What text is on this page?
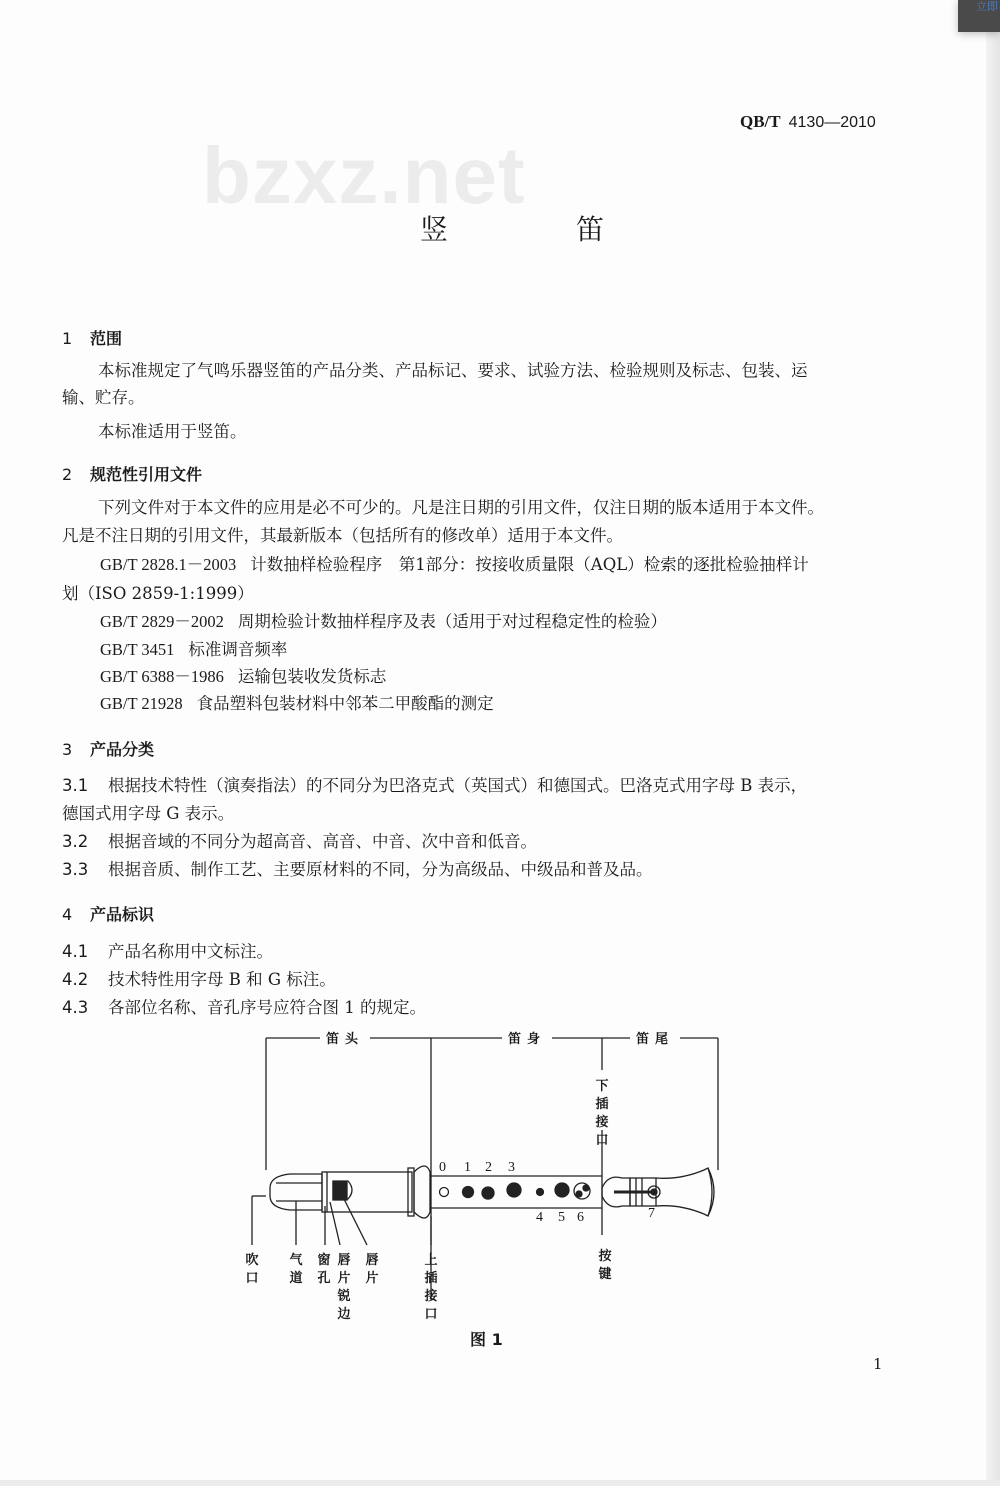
立即
QB/T 4130—2010
bzxz.net
竖　笛
1 范围
本标准规定了气鸣乐器竖笛的产品分类、产品标记、要求、试验方法、检验规则及标志、包装、运
输、贮存。
本标准适用于竖笛。
2 规范性引用文件
下列文件对于本文件的应用是必不可少的。凡是注日期的引用文件，仅注日期的版本适用于本文件。
凡是不注日期的引用文件，其最新版本（包括所有的修改单）适用于本文件。
GB/T 2828.1－2003 计数抽样检验程序　第1部分：按接收质量限（AQL）检索的逐批检验抽样计
划（ISO 2859-1:1999）
GB/T 2829－2002 周期检验计数抽样程序及表（适用于对过程稳定性的检验）
GB/T 3451 标准调音频率
GB/T 6388－1986 运输包装收发货标志
GB/T 21928 食品塑料包装材料中邻苯二甲酸酯的测定
3 产品分类
3.1 根据技术特性（演奏指法）的不同分为巴洛克式（英国式）和德国式。巴洛克式用字母 B 表示，
德国式用字母 G 表示。
3.2 根据音域的不同分为超高音、高音、中音、次中音和低音。
3.3 根据音质、制作工艺、主要原材料的不同，分为高级品、中级品和普及品。
4 产品标识
4.1 产品名称用中文标注。
4.2 技术特性用字母 B 和 G 标注。
4.3 各部位名称、音孔序号应符合图 1 的规定。
笛头	笛身	笛尾
下插接口
0 1 2 3
4 5 6	7
吹口
气道
窗孔
唇片锐边
唇片
上插接口
按键
图 1
1
